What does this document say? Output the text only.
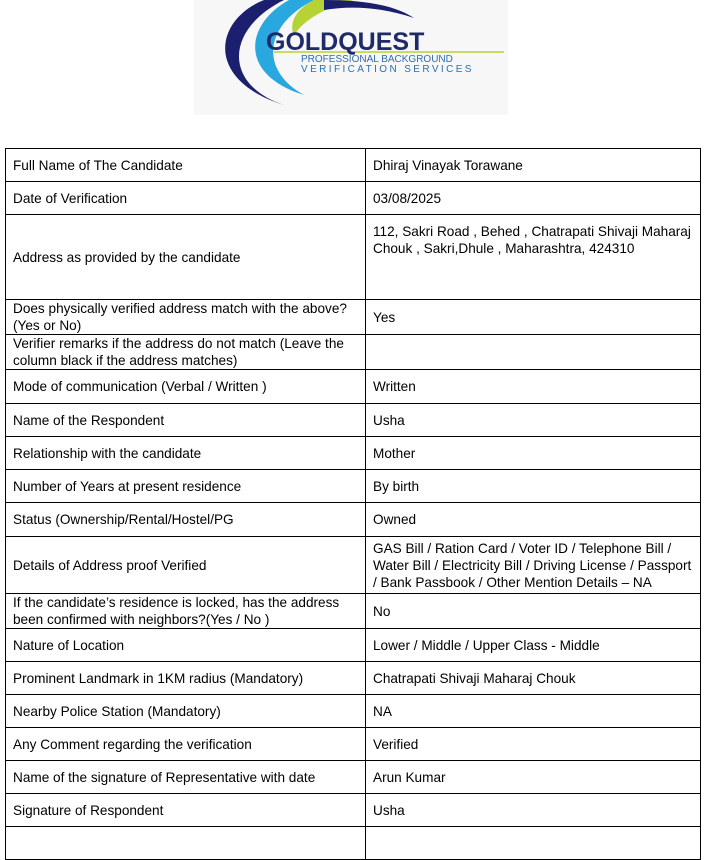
GOLDQUEST
PROFESSIONAL BACKGROUND
VERIFICATION SERVICES
Full Name of The Candidate	Dhiraj Vinayak Torawane
Date of Verification	03/08/2025
Address as provided by the candidate	112, Sakri Road , Behed , Chatrapati Shivaji Maharaj Chouk , Sakri,Dhule , Maharashtra, 424310
Does physically verified address match with the above? (Yes or No)	Yes
Verifier remarks if the address do not match (Leave the column black if the address matches)	
Mode of communication (Verbal / Written )	Written
Name of the Respondent	Usha
Relationship with the candidate	Mother
Number of Years at present residence	By birth
Status (Ownership/Rental/Hostel/PG	Owned
Details of Address proof Verified	GAS Bill / Ration Card / Voter ID / Telephone Bill / Water Bill / Electricity Bill / Driving License / Passport / Bank Passbook / Other Mention Details – NA
If the candidate’s residence is locked, has the address been confirmed with neighbors?(Yes / No )	No
Nature of Location	Lower / Middle / Upper Class - Middle
Prominent Landmark in 1KM radius (Mandatory)	Chatrapati Shivaji Maharaj Chouk
Nearby Police Station (Mandatory)	NA
Any Comment regarding the verification	Verified
Name of the signature of Representative with date	Arun Kumar
Signature of Respondent	Usha
